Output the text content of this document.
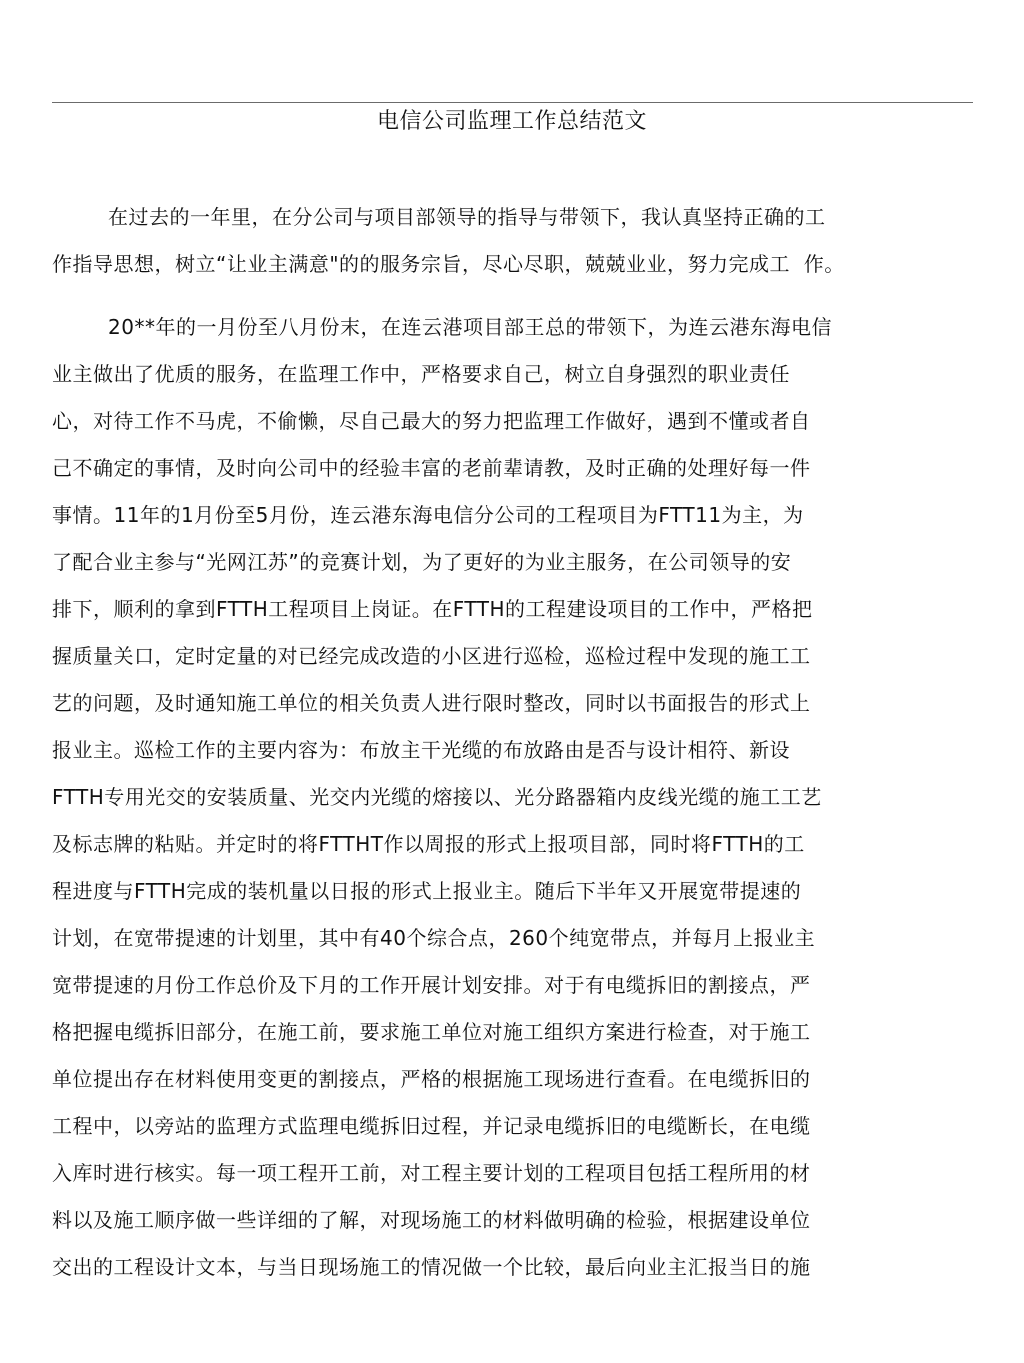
电信公司监理工作总结范文
在过去的一年里，在分公司与项目部领导的指导与带领下，我认真坚持正确的工
作指导思想，树立“让业主满意"的的服务宗旨，尽心尽职，兢兢业业，努力完成工  作。
20**年的一月份至八月份末，在连云港项目部王总的带领下，为连云港东海电信
业主做出了优质的服务，在监理工作中，严格要求自己，树立自身强烈的职业责任
心，对待工作不马虎，不偷懒，尽自己最大的努力把监理工作做好，遇到不懂或者自
己不确定的事情，及时向公司中的经验丰富的老前辈请教，及时正确的处理好每一件
事情。11年的1月份至5月份，连云港东海电信分公司的工程项目为FTT11为主，为
了配合业主参与“光网江苏”的竞赛计划，为了更好的为业主服务，在公司领导的安
排下，顺利的拿到FTTH工程项目上岗证。在FTTH的工程建设项目的工作中，严格把
握质量关口，定时定量的对已经完成改造的小区进行巡检，巡检过程中发现的施工工
艺的问题，及时通知施工单位的相关负责人进行限时整改，同时以书面报告的形式上
报业主。巡检工作的主要内容为：布放主干光缆的布放路由是否与设计相符、新设
FTTH专用光交的安装质量、光交内光缆的熔接以、光分路器箱内皮线光缆的施工工艺
及标志牌的粘贴。并定时的将FTTHT作以周报的形式上报项目部，同时将FTTH的工
程进度与FTTH完成的装机量以日报的形式上报业主。随后下半年又开展宽带提速的
计划，在宽带提速的计划里，其中有40个综合点，260个纯宽带点，并每月上报业主
宽带提速的月份工作总价及下月的工作开展计划安排。对于有电缆拆旧的割接点，严
格把握电缆拆旧部分，在施工前，要求施工单位对施工组织方案进行检查，对于施工
单位提出存在材料使用变更的割接点，严格的根据施工现场进行查看。在电缆拆旧的
工程中，以旁站的监理方式监理电缆拆旧过程，并记录电缆拆旧的电缆断长，在电缆
入库时进行核实。每一项工程开工前，对工程主要计划的工程项目包括工程所用的材
料以及施工顺序做一些详细的了解，对现场施工的材料做明确的检验，根据建设单位
交出的工程设计文本，与当日现场施工的情况做一个比较，最后向业主汇报当日的施
